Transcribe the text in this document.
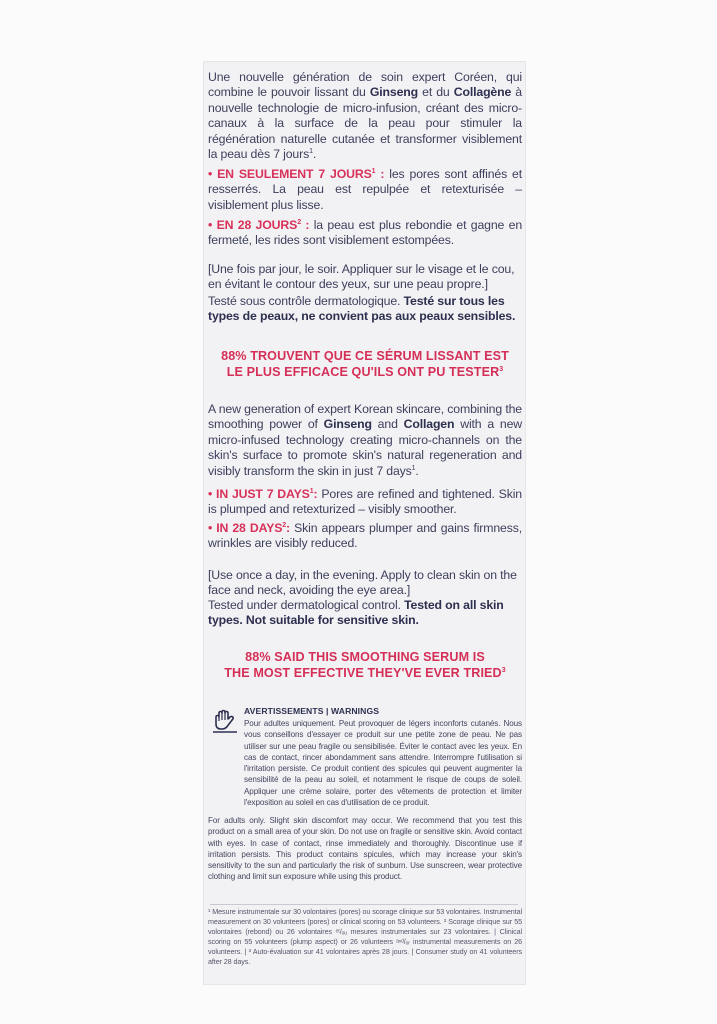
Une nouvelle génération de soin expert Coréen, qui combine le pouvoir lissant du Ginseng et du Collagène à nouvelle technologie de micro-infusion, créant des micro-canaux à la surface de la peau pour stimuler la régénération naturelle cutanée et transformer visiblement la peau dès 7 jours$^1$.

• EN SEULEMENT 7 JOURS$^1$ : les pores sont affinés et resserrés. La peau est repulpée et retexturisée – visiblement plus lisse.

• EN 28 JOURS$^2$ : la peau est plus rebondie et gagne en fermeté, les rides sont visiblement estompées.

[Une fois par jour, le soir. Appliquer sur le visage et le cou, en évitant le contour des yeux, sur une peau propre.]

Testé sous contrôle dermatologique. Testé sur tous les types de peaux, ne convient pas aux peaux sensibles.

88% TROUVENT QUE CE SÉRUM LISSANT EST
LE PLUS EFFICACE QU'ILS ONT PU TESTER$^3$

A new generation of expert Korean skincare, combining the smoothing power of Ginseng and Collagen with a new micro-infused technology creating micro-channels on the skin's surface to promote skin's natural regeneration and visibly transform the skin in just 7 days$^1$.

• IN JUST 7 DAYS$^1$: Pores are refined and tightened. Skin is plumped and retexturized – visibly smoother.

• IN 28 DAYS$^2$: Skin appears plumper and gains firmness, wrinkles are visibly reduced.

[Use once a day, in the evening. Apply to clean skin on the face and neck, avoiding the eye area.]

Tested under dermatological control. Tested on all skin types. Not suitable for sensitive skin.

88% SAID THIS SMOOTHING SERUM IS
THE MOST EFFECTIVE THEY'VE EVER TRIED$^3$
AVERTISSEMENTS | WARNINGS

Pour adultes uniquement. Peut provoquer de légers inconforts cutanés. Nous vous conseillons d'essayer ce produit sur une petite zone de peau. Ne pas utiliser sur une peau fragile ou sensibilisée. Éviter le contact avec les yeux. En cas de contact, rincer abondamment sans attendre. Interrompre l'utilisation si l'irritation persiste. Ce produit contient des spicules qui peuvent augmenter la sensibilité de la peau au soleil, et notamment le risque de coups de soleil. Appliquer une crème solaire, porter des vêtements de protection et limiter l'exposition au soleil en cas d'utilisation de ce produit.

For adults only. Slight skin discomfort may occur. We recommend that you test this product on a small area of your skin. Do not use on fragile or sensitive skin. Avoid contact with eyes. In case of contact, rinse immediately and thoroughly. Discontinue use if irritation persists. This product contains spicules, which may increase your skin's sensitivity to the sun and particularly the risk of sunburn. Use sunscreen, wear protective clothing and limit sun exposure while using this product.

¹ Mesure instrumentale sur 30 volontaires (pores) ou scorage clinique sur 53 volontaires. Instrumental measurement on 30 volunteers (pores) or clinical scoring on 53 volunteers. ² Scorage clinique sur 55 volontaires (rebond) ou 26 volontaires ᵉᵗ/ₒᵤ mesures instrumentales sur 23 volontaires. | Clinical scoring on 55 volunteers (plump aspect) or 26 volunteers ᵃⁿᵈ/ₒᵣ instrumental measurements on 26 volunteers. | ³ Auto-évaluation sur 41 volontaires après 28 jours. | Consumer study on 41 volunteers after 28 days.
